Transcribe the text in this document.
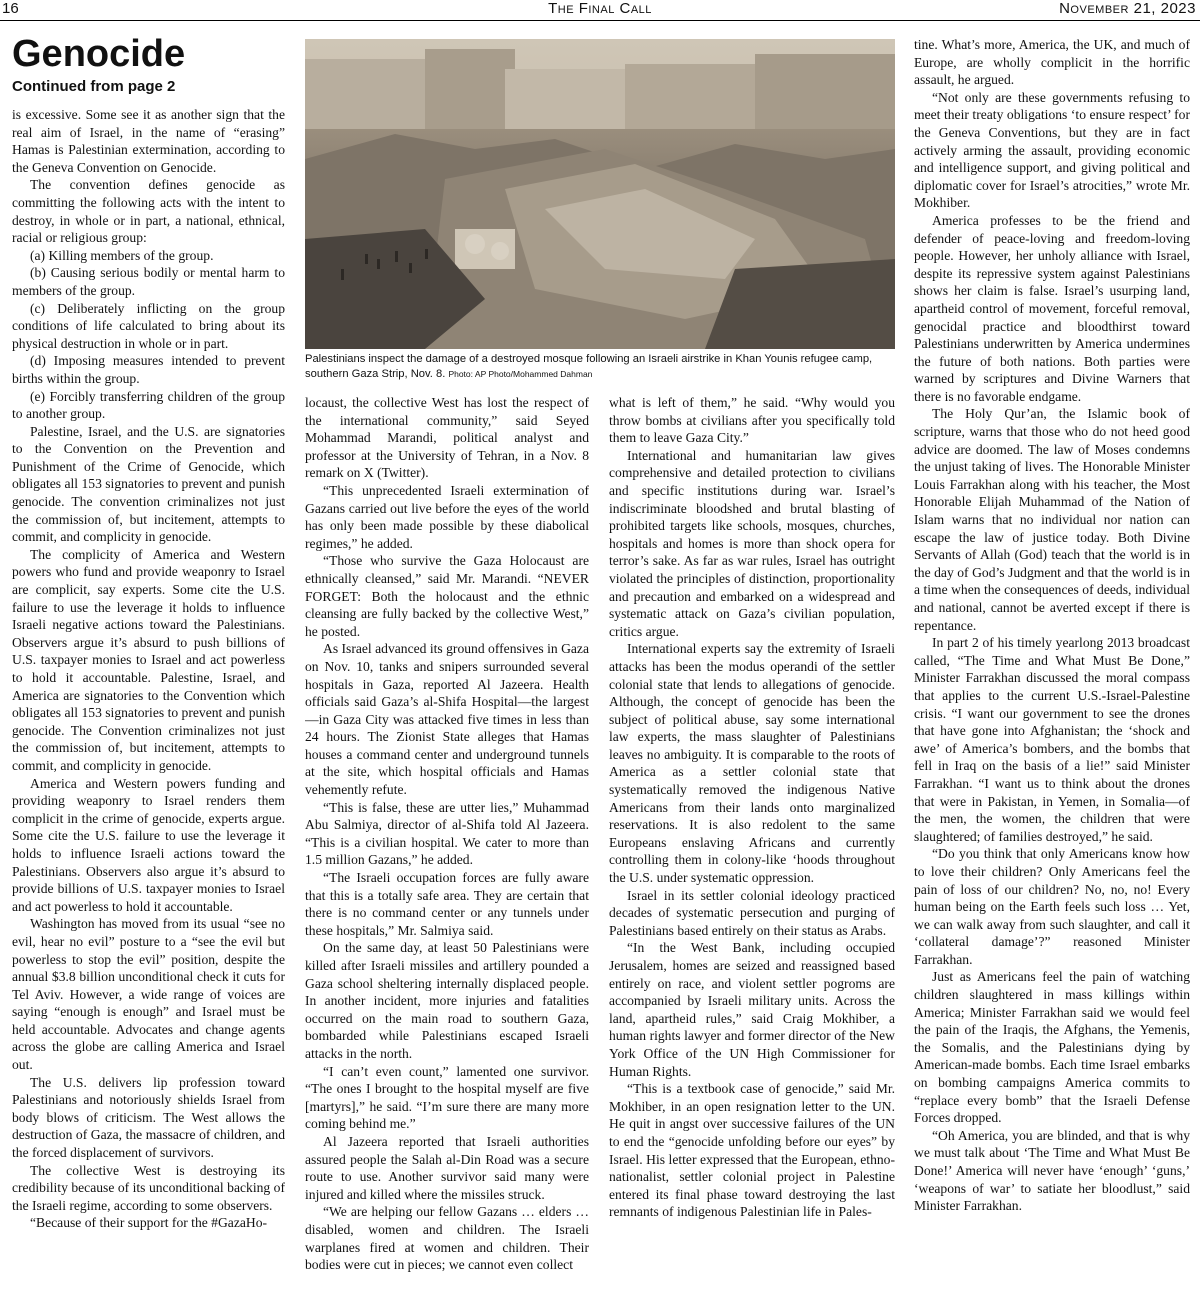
The Final Call
16	November 21, 2023
Genocide
Continued from page 2

is excessive. Some see it as another sign that the real aim of Israel, in the name of “erasing” Hamas is Palestinian extermination, according to the Geneva Convention on Genocide.

The convention defines genocide as committing the following acts with the intent to destroy, in whole or in part, a national, ethnical, racial or religious group:

(a) Killing members of the group.

(b) Causing serious bodily or mental harm to members of the group.

(c) Deliberately inflicting on the group conditions of life calculated to bring about its physical destruction in whole or in part.

(d) Imposing measures intended to prevent births within the group.

(e) Forcibly transferring children of the group to another group.

Palestine, Israel, and the U.S. are signatories to the Convention on the Prevention and Punishment of the Crime of Genocide, which obligates all 153 signatories to prevent and punish genocide. The convention criminalizes not just the commission of, but incitement, attempts to commit, and complicity in genocide.

The complicity of America and Western powers who fund and provide weaponry to Israel are complicit, say experts. Some cite the U.S. failure to use the leverage it holds to influence Israeli negative actions toward the Palestinians. Observers argue it’s absurd to push billions of U.S. taxpayer monies to Israel and act powerless to hold it accountable. Palestine, Israel, and America are signatories to the Convention which obligates all 153 signatories to prevent and punish genocide. The Convention criminalizes not just the commission of, but incitement, attempts to commit, and complicity in genocide.

America and Western powers funding and providing weaponry to Israel renders them complicit in the crime of genocide, experts argue. Some cite the U.S. failure to use the leverage it holds to influence Israeli actions toward the Palestinians. Observers also argue it’s absurd to provide billions of U.S. taxpayer monies to Israel and act powerless to hold it accountable.

Washington has moved from its usual “see no evil, hear no evil” posture to a “see the evil but powerless to stop the evil” position, despite the annual $3.8 billion unconditional check it cuts for Tel Aviv. However, a wide range of voices are saying “enough is enough” and Israel must be held accountable. Advocates and change agents across the globe are calling America and Israel out.

The U.S. delivers lip profession toward Palestinians and notoriously shields Israel from body blows of criticism. The West allows the destruction of Gaza, the massacre of children, and the forced displacement of survivors.

The collective West is destroying its credibility because of its unconditional backing of the Israeli regime, according to some observers.

“Because of their support for the #GazaHo-

Palestinians inspect the damage of a destroyed mosque following an Israeli airstrike in Khan Younis refugee camp, southern Gaza Strip, Nov. 8. Photo: AP Photo/Mohammed Dahman

locaust, the collective West has lost the respect of the international community,” said Seyed Mohammad Marandi, political analyst and professor at the University of Tehran, in a Nov. 8 remark on X (Twitter).

“This unprecedented Israeli extermination of Gazans carried out live before the eyes of the world has only been made possible by these diabolical regimes,” he added.

“Those who survive the Gaza Holocaust are ethnically cleansed,” said Mr. Marandi. “NEVER FORGET: Both the holocaust and the ethnic cleansing are fully backed by the collective West,” he posted.

As Israel advanced its ground offensives in Gaza on Nov. 10, tanks and snipers surrounded several hospitals in Gaza, reported Al Jazeera. Health officials said Gaza’s al-Shifa Hospital—the largest—in Gaza City was attacked five times in less than 24 hours. The Zionist State alleges that Hamas houses a command center and underground tunnels at the site, which hospital officials and Hamas vehemently refute.

“This is false, these are utter lies,” Muhammad Abu Salmiya, director of al-Shifa told Al Jazeera. “This is a civilian hospital. We cater to more than 1.5 million Gazans,” he added.

“The Israeli occupation forces are fully aware that this is a totally safe area. They are certain that there is no command center or any tunnels under these hospitals,” Mr. Salmiya said.

On the same day, at least 50 Palestinians were killed after Israeli missiles and artillery pounded a Gaza school sheltering internally displaced people. In another incident, more injuries and fatalities occurred on the main road to southern Gaza, bombarded while Palestinians escaped Israeli attacks in the north.

“I can’t even count,” lamented one survivor. “The ones I brought to the hospital myself are five [martyrs],” he said. “I’m sure there are many more coming behind me.”

Al Jazeera reported that Israeli authorities assured people the Salah al-Din Road was a secure route to use. Another survivor said many were injured and killed where the missiles struck.

“We are helping our fellow Gazans … elders … disabled, women and children. The Israeli warplanes fired at women and children. Their bodies were cut in pieces; we cannot even collect

what is left of them,” he said. “Why would you throw bombs at civilians after you specifically told them to leave Gaza City.”

International and humanitarian law gives comprehensive and detailed protection to civilians and specific institutions during war. Israel’s indiscriminate bloodshed and brutal blasting of prohibited targets like schools, mosques, churches, hospitals and homes is more than shock opera for terror’s sake. As far as war rules, Israel has outright violated the principles of distinction, proportionality and precaution and embarked on a widespread and systematic attack on Gaza’s civilian population, critics argue.

International experts say the extremity of Israeli attacks has been the modus operandi of the settler colonial state that lends to allegations of genocide. Although, the concept of genocide has been the subject of political abuse, say some international law experts, the mass slaughter of Palestinians leaves no ambiguity. It is comparable to the roots of America as a settler colonial state that systematically removed the indigenous Native Americans from their lands onto marginalized reservations. It is also redolent to the same Europeans enslaving Africans and currently controlling them in colony-like ‘hoods throughout the U.S. under systematic oppression.

Israel in its settler colonial ideology practiced decades of systematic persecution and purging of Palestinians based entirely on their status as Arabs.

“In the West Bank, including occupied Jerusalem, homes are seized and reassigned based entirely on race, and violent settler pogroms are accompanied by Israeli military units. Across the land, apartheid rules,” said Craig Mokhiber, a human rights lawyer and former director of the New York Office of the UN High Commissioner for Human Rights.

“This is a textbook case of genocide,” said Mr. Mokhiber, in an open resignation letter to the UN. He quit in angst over successive failures of the UN to end the “genocide unfolding before our eyes” by Israel. His letter expressed that the European, ethno-nationalist, settler colonial project in Palestine entered its final phase toward destroying the last remnants of indigenous Palestinian life in Pales-

tine. What’s more, America, the UK, and much of Europe, are wholly complicit in the horrific assault, he argued.

“Not only are these governments refusing to meet their treaty obligations ‘to ensure respect’ for the Geneva Conventions, but they are in fact actively arming the assault, providing economic and intelligence support, and giving political and diplomatic cover for Israel’s atrocities,” wrote Mr. Mokhiber.

America professes to be the friend and defender of peace-loving and freedom-loving people. However, her unholy alliance with Israel, despite its repressive system against Palestinians shows her claim is false. Israel’s usurping land, apartheid control of movement, forceful removal, genocidal practice and bloodthirst toward Palestinians underwritten by America undermines the future of both nations. Both parties were warned by scriptures and Divine Warners that there is no favorable endgame.

The Holy Qur’an, the Islamic book of scripture, warns that those who do not heed good advice are doomed. The law of Moses condemns the unjust taking of lives. The Honorable Minister Louis Farrakhan along with his teacher, the Most Honorable Elijah Muhammad of the Nation of Islam warns that no individual nor nation can escape the law of justice today. Both Divine Servants of Allah (God) teach that the world is in the day of God’s Judgment and that the world is in a time when the consequences of deeds, individual and national, cannot be averted except if there is repentance.

In part 2 of his timely yearlong 2013 broadcast called, “The Time and What Must Be Done,” Minister Farrakhan discussed the moral compass that applies to the current U.S.-Israel-Palestine crisis. “I want our government to see the drones that have gone into Afghanistan; the ‘shock and awe’ of America’s bombers, and the bombs that fell in Iraq on the basis of a lie!” said Minister Farrakhan. “I want us to think about the drones that were in Pakistan, in Yemen, in Somalia—of the men, the women, the children that were slaughtered; of families destroyed,” he said.

“Do you think that only Americans know how to love their children? Only Americans feel the pain of loss of our children? No, no, no! Every human being on the Earth feels such loss … Yet, we can walk away from such slaughter, and call it ‘collateral damage’?” reasoned Minister Farrakhan.

Just as Americans feel the pain of watching children slaughtered in mass killings within America; Minister Farrakhan said we would feel the pain of the Iraqis, the Afghans, the Yemenis, the Somalis, and the Palestinians dying by American-made bombs. Each time Israel embarks on bombing campaigns America commits to “replace every bomb” that the Israeli Defense Forces dropped.

“Oh America, you are blinded, and that is why we must talk about ‘The Time and What Must Be Done!’ America will never have ‘enough’ ‘guns,’ ‘weapons of war’ to satiate her bloodlust,” said Minister Farrakhan.
